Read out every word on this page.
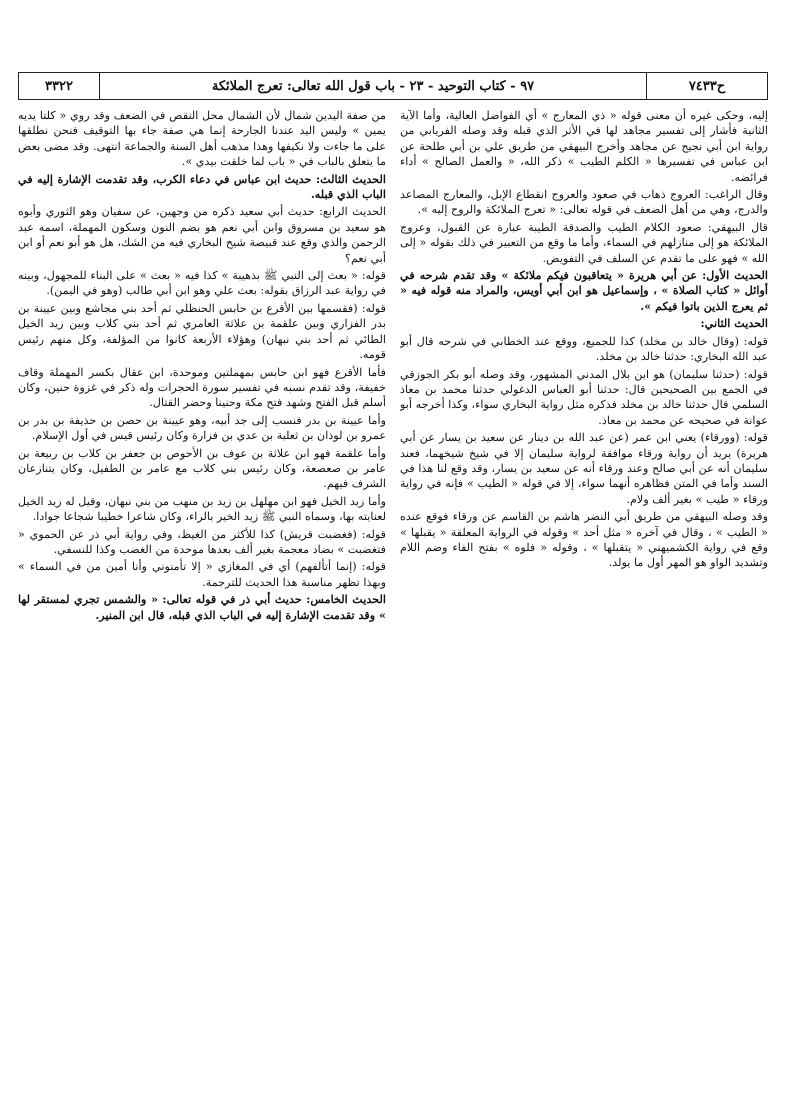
ح٧٤٣٣
٩٧ - كتاب التوحيد - ٢٣ - باب قول الله تعالى: تعرج الملائكة
٣٣٢٢

إليه، وحكى غيره أن معنى قوله « ذي المعارج » أي الفواضل العالية، وأما الآية الثانية فأشار إلى تفسير مجاهد لها في الأثر الذي قبله وقد وصله الفريابي من رواية ابن أبي نجيح عن مجاهد وأخرج البيهقي من طريق علي بن أبي طلحة عن ابن عباس في تفسيرها « الكلم الطيب » ذكر الله، « والعمل الصالح » أداء فرائضه.

وقال الراغب: العروج ذهاب في صعود والعروج انقطاع الإبل، والمعارج المصاعد والدرج، وهي من أهل الضعف في قوله تعالى: « تعرج الملائكة والروح إليه ».

قال البيهقي: صعود الكلام الطيب والصدقة الطيبة عبارة عن القبول، وعروج الملائكة هو إلى منازلهم في السماء، وأما ما وقع من التعبير في ذلك بقوله « إلى الله » فهو على ما تقدم عن السلف في التفويض.

الحديث الأول: عن أبي هريرة « يتعاقبون فيكم ملائكة » وقد تقدم شرحه في أوائل « كتاب الصلاة » ، وإسماعيل هو ابن أبي أويس، والمراد منه قوله فيه « ثم يعرج الذين باتوا فيكم ».

الحديث الثاني:

قوله: (وقال خالد بن مخلد) كذا للجميع، ووقع عند الخطابي في شرحه قال أبو عبد الله البخاري: حدثنا خالد بن مخلد.

قوله: (حدثنا سليمان) هو ابن بلال المدني المشهور، وقد وصله أبو بكر الجوزقي في الجمع بين الصحيحين قال: حدثنا أبو العباس الدغولي حدثنا محمد بن معاذ السلمي قال حدثنا خالد بن مخلد فذكره مثل رواية البخاري سواء، وكذا أخرجه أبو عوانة في صحيحه عن محمد بن معاذ.

قوله: (وورقاء) يعني ابن عمر (عن عبد الله بن دينار عن سعيد بن يسار عن أبي هريرة) يريد أن رواية ورقاء موافقة لرواية سليمان إلا في شيخ شيخهما، فعند سليمان أنه عن أبي صالح وعند ورقاء أنه عن سعيد بن يسار، وقد وقع لنا هذا في السند وأما في المتن فظاهره أنهما سواء، إلا في قوله « الطيب » فإنه في رواية ورقاء « طيب » بغير ألف ولام.

وقد وصله البيهقي من طريق أبي النضر هاشم بن القاسم عن ورقاء فوقع عنده « الطيب » ، وقال في آخره « مثل أحد » وقوله في الرواية المعلقة « يقبلها » وقع في رواية الكشميهني « يتقبلها » ، وقوله « فلوه » بفتح الفاء وضم اللام وتشديد الواو هو المهر أول ما يولد.

من صفة اليدين شمال لأن الشمال محل النقص في الضعف وقد روي « كلتا يديه يمين » وليس اليد عندنا الجارحة إنما هي صفة جاء بها التوقيف فنحن نطلقها على ما جاءت ولا نكيفها وهذا مذهب أهل السنة والجماعة انتهى. وقد مضى بعض ما يتعلق بالباب في « باب لما خلقت بيدي ».

الحديث الثالث: حديث ابن عباس في دعاء الكرب، وقد تقدمت الإشارة إليه في الباب الذي قبله.

الحديث الرابع: حديث أبي سعيد ذكره من وجهين، عن سفيان وهو الثوري وأبوه هو سعيد بن مسروق وابن أبي نعم هو بضم النون وسكون المهملة، اسمه عبد الرحمن والذي وقع عند قبيصة شيخ البخاري فيه من الشك، هل هو أبو نعم أو ابن أبي نعم؟

قوله: « بعث إلى النبي ﷺ بذهيبة » كذا فيه « بعث » على البناء للمجهول، وبينه في رواية عبد الرزاق بقوله: بعث علي وهو ابن أبي طالب (وهو في اليمن).

قوله: (فقسمها بين الأقرع بن حابس الحنظلي ثم أحد بني مجاشع وبين عيينة بن بدر الفزاري وبين علقمة بن علاثة العامري ثم أحد بني كلاب وبين زيد الخيل الطائي ثم أحد بني نبهان) وهؤلاء الأربعة كانوا من المؤلفة، وكل منهم رئيس قومه.

فأما الأقرع فهو ابن حابس بمهملتين وموحدة، ابن عقال بكسر المهملة وقاف خفيفة، وقد تقدم نسبه في تفسير سورة الحجرات وله ذكر في غزوة حنين، وكان أسلم قبل الفتح وشهد فتح مكة وحنينا وحضر القتال.

وأما عيينة بن بدر فنسب إلى جد أبيه، وهو عيينة بن حصن بن حذيفة بن بدر بن عمرو بن لوذان بن ثعلبة بن عدي بن فزارة وكان رئيس قيس في أول الإسلام.

وأما علقمة فهو ابن علاثة بن عوف بن الأحوص بن جعفر بن كلاب بن ربيعة بن عامر بن صعصعة، وكان رئيس بني كلاب مع عامر بن الطفيل، وكان يتنازعان الشرف فيهم.

وأما زيد الخيل فهو ابن مهلهل بن زيد بن منهب من بني نبهان، وقيل له زيد الخيل لعنايته بها، وسماه النبي ﷺ زيد الخير بالراء، وكان شاعرا خطيبا شجاعا جوادا.

قوله: (فغضبت قريش) كذا للأكثر من الغيظ، وفي رواية أبي ذر عن الحموي « فتغضبت » بضاد معجمة بغير ألف بعدها موحدة من الغضب وكذا للنسفي.

قوله: (إنما أتألفهم) أي في المغازي « إلا تأمنوني وأنا أمين من في السماء » وبهذا تظهر مناسبة هذا الحديث للترجمة.

الحديث الخامس: حديث أبي ذر في قوله تعالى: « والشمس تجري لمستقر لها » وقد تقدمت الإشارة إليه في الباب الذي قبله، قال ابن المنير.
